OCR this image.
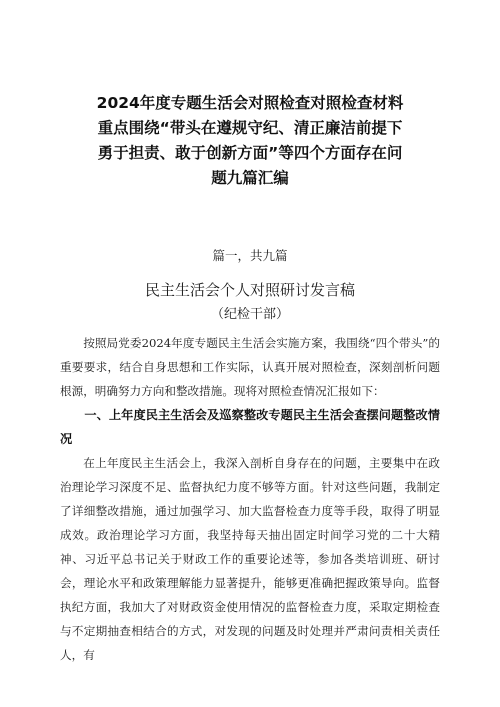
2024年度专题生活会对照检查对照检查材料
重点围绕“带头在遵规守纪、清正廉洁前提下
勇于担责、敢于创新方面”等四个方面存在问
题九篇汇编
篇一，共九篇
民主生活会个人对照研讨发言稿
（纪检干部）

按照局党委2024年度专题民主生活会实施方案，我围绕“四个带头”的重要要求，结合自身思想和工作实际，认真开展对照检查，深刻剖析问题根源，明确努力方向和整改措施。现将对照检查情况汇报如下：

一、上年度民主生活会及巡察整改专题民主生活会查摆问题整改情况

在上年度民主生活会上，我深入剖析自身存在的问题，主要集中在政治理论学习深度不足、监督执纪力度不够等方面。针对这些问题，我制定了详细整改措施，通过加强学习、加大监督检查力度等手段，取得了明显成效。政治理论学习方面，我坚持每天抽出固定时间学习党的二十大精神、习近平总书记关于财政工作的重要论述等，参加各类培训班、研讨会，理论水平和政策理解能力显著提升，能够更准确把握政策导向。监督执纪方面，我加大了对财政资金使用情况的监督检查力度，采取定期检查与不定期抽查相结合的方式，对发现的问题及时处理并严肃问责相关责任人，有
